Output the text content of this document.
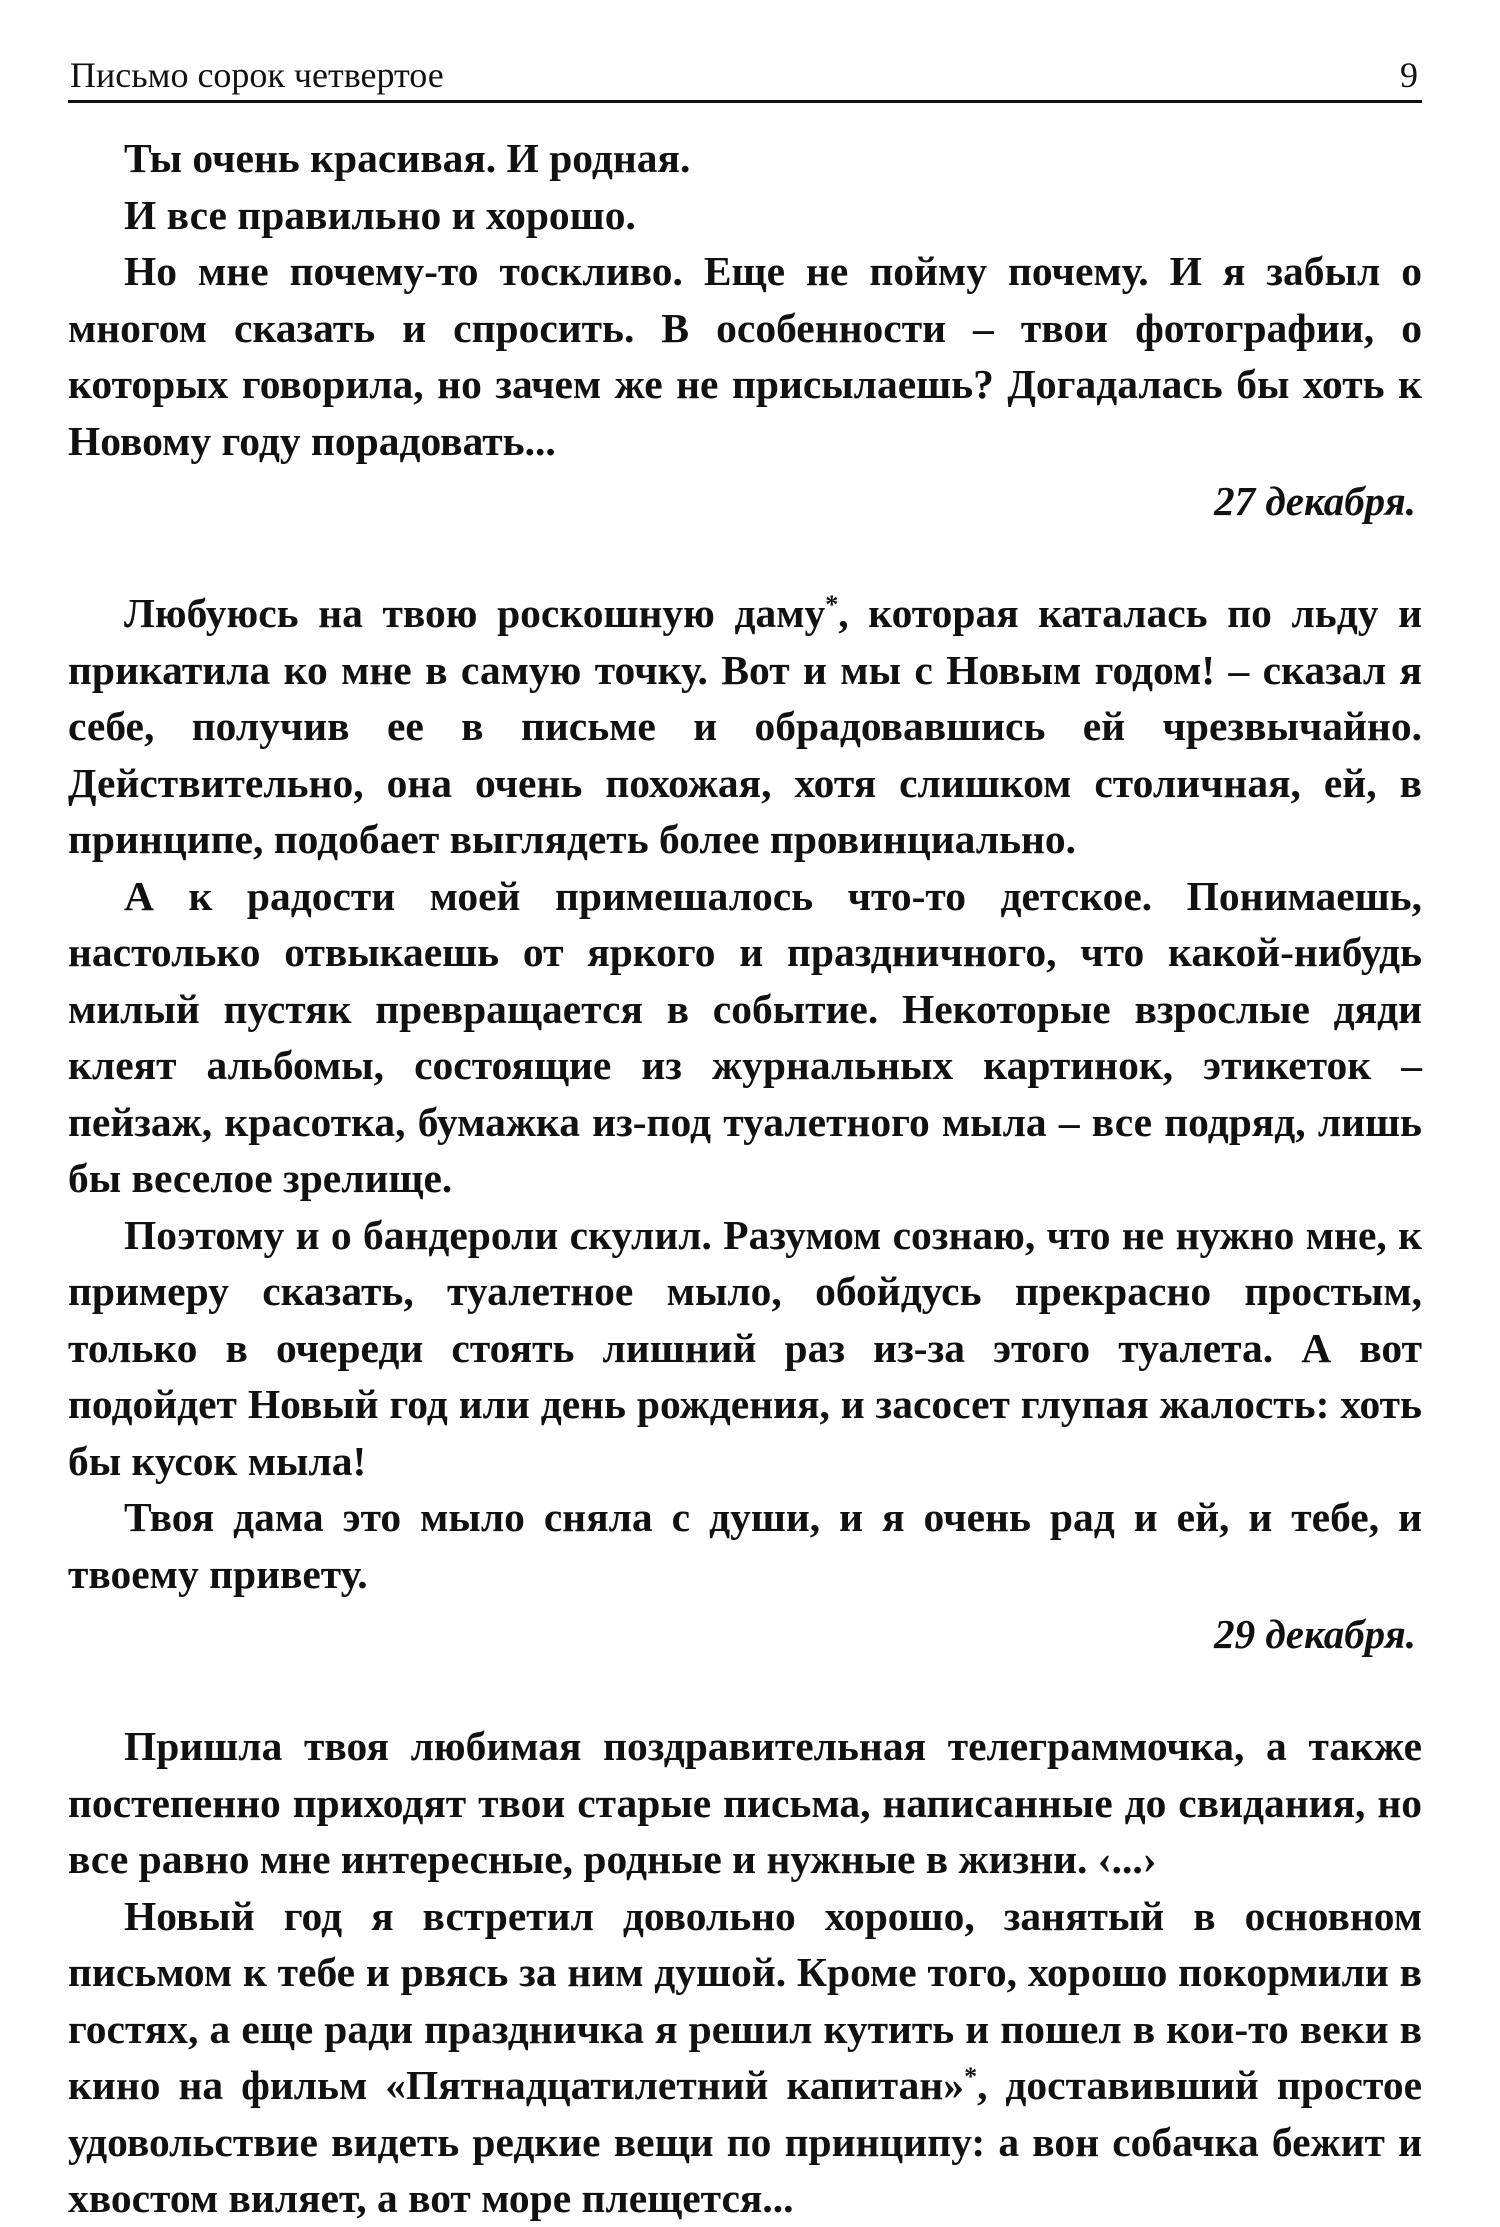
Письмо сорок четвертое	9

Ты очень красивая. И родная.

И все правильно и хорошо.

Но мне почему-то тоскливо. Еще не пойму почему. И я забыл о многом сказать и спросить. В особенности – твои фотографии, о которых говорила, но зачем же не присылаешь? Догадалась бы хоть к Новому году порадовать...

27 декабря.

Любуюсь на твою роскошную даму*, которая каталась по льду и прикатила ко мне в самую точку. Вот и мы с Новым годом! – сказал я себе, получив ее в письме и обрадовавшись ей чрезвычайно. Действительно, она очень похожая, хотя слишком столичная, ей, в принципе, подобает выглядеть более провинциально.

А к радости моей примешалось что-то детское. Понимаешь, настолько отвыкаешь от яркого и праздничного, что какой-нибудь милый пустяк превращается в событие. Некоторые взрослые дяди клеят альбомы, состоящие из журнальных картинок, этикеток – пейзаж, красотка, бумажка из-под туалетного мыла – все подряд, лишь бы веселое зрелище.

Поэтому и о бандероли скулил. Разумом сознаю, что не нужно мне, к примеру сказать, туалетное мыло, обойдусь прекрасно простым, только в очереди стоять лишний раз из-за этого туалета. А вот подойдет Новый год или день рождения, и засосет глупая жалость: хоть бы кусок мыла!

Твоя дама это мыло сняла с души, и я очень рад и ей, и тебе, и твоему привету.

29 декабря.

Пришла твоя любимая поздравительная телеграммочка, а также постепенно приходят твои старые письма, написанные до свидания, но все равно мне интересные, родные и нужные в жизни. ‹...›

Новый год я встретил довольно хорошо, занятый в основном письмом к тебе и рвясь за ним душой. Кроме того, хорошо покормили в гостях, а еще ради праздничка я решил кутить и пошел в кои-то веки в кино на фильм «Пятнадцатилетний капитан»*, доставивший простое удовольствие видеть редкие вещи по принципу: а вон собачка бежит и хвостом виляет, а вот море плещется...
